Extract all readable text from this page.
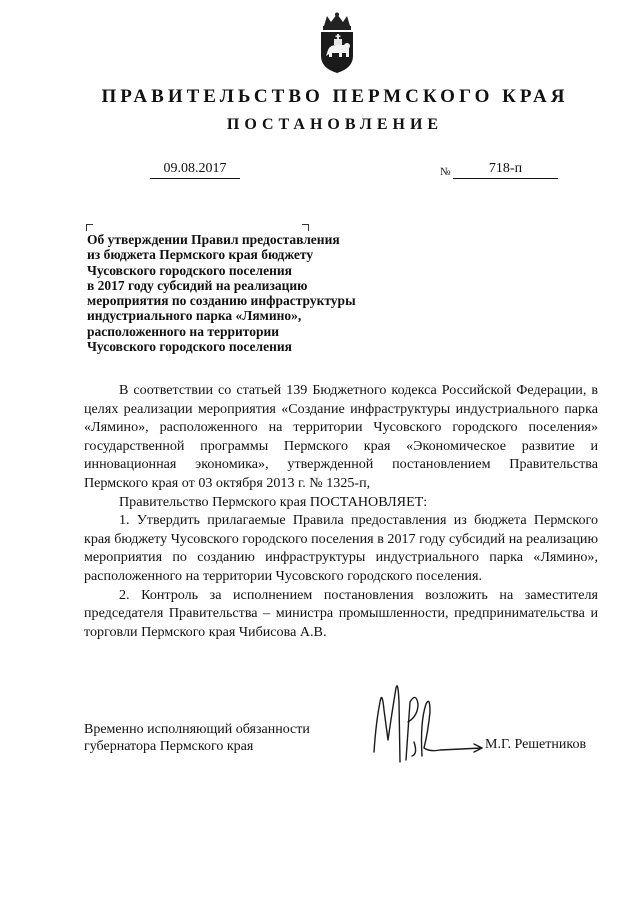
ПРАВИТЕЛЬСТВО ПЕРМСКОГО КРАЯ
ПОСТАНОВЛЕНИЕ
09.08.2017	№	718-п
Об утверждении Правил предоставления
из бюджета Пермского края бюджету
Чусовского городского поселения
в 2017 году субсидий на реализацию
мероприятия по созданию инфраструктуры
индустриального парка «Лямино»,
расположенного на территории
Чусовского городского поселения

В соответствии со статьей 139 Бюджетного кодекса Российской Федерации, в целях реализации мероприятия «Создание инфраструктуры индустриального парка «Лямино», расположенного на территории Чусовского городского поселения» государственной программы Пермского края «Экономическое развитие и инновационная экономика», утвержденной постановлением Правительства Пермского края от 03 октября 2013 г. № 1325-п,

Правительство Пермского края ПОСТАНОВЛЯЕТ:

1. Утвердить прилагаемые Правила предоставления из бюджета Пермского края бюджету Чусовского городского поселения в 2017 году субсидий на реализацию мероприятия по созданию инфраструктуры индустриального парка «Лямино», расположенного на территории Чусовского городского поселения.

2. Контроль за исполнением постановления возложить на заместителя председателя Правительства – министра промышленности, предпринимательства и торговли Пермского края Чибисова А.В.

Временно исполняющий обязанности
губернатора Пермского края	М.Г. Решетников
